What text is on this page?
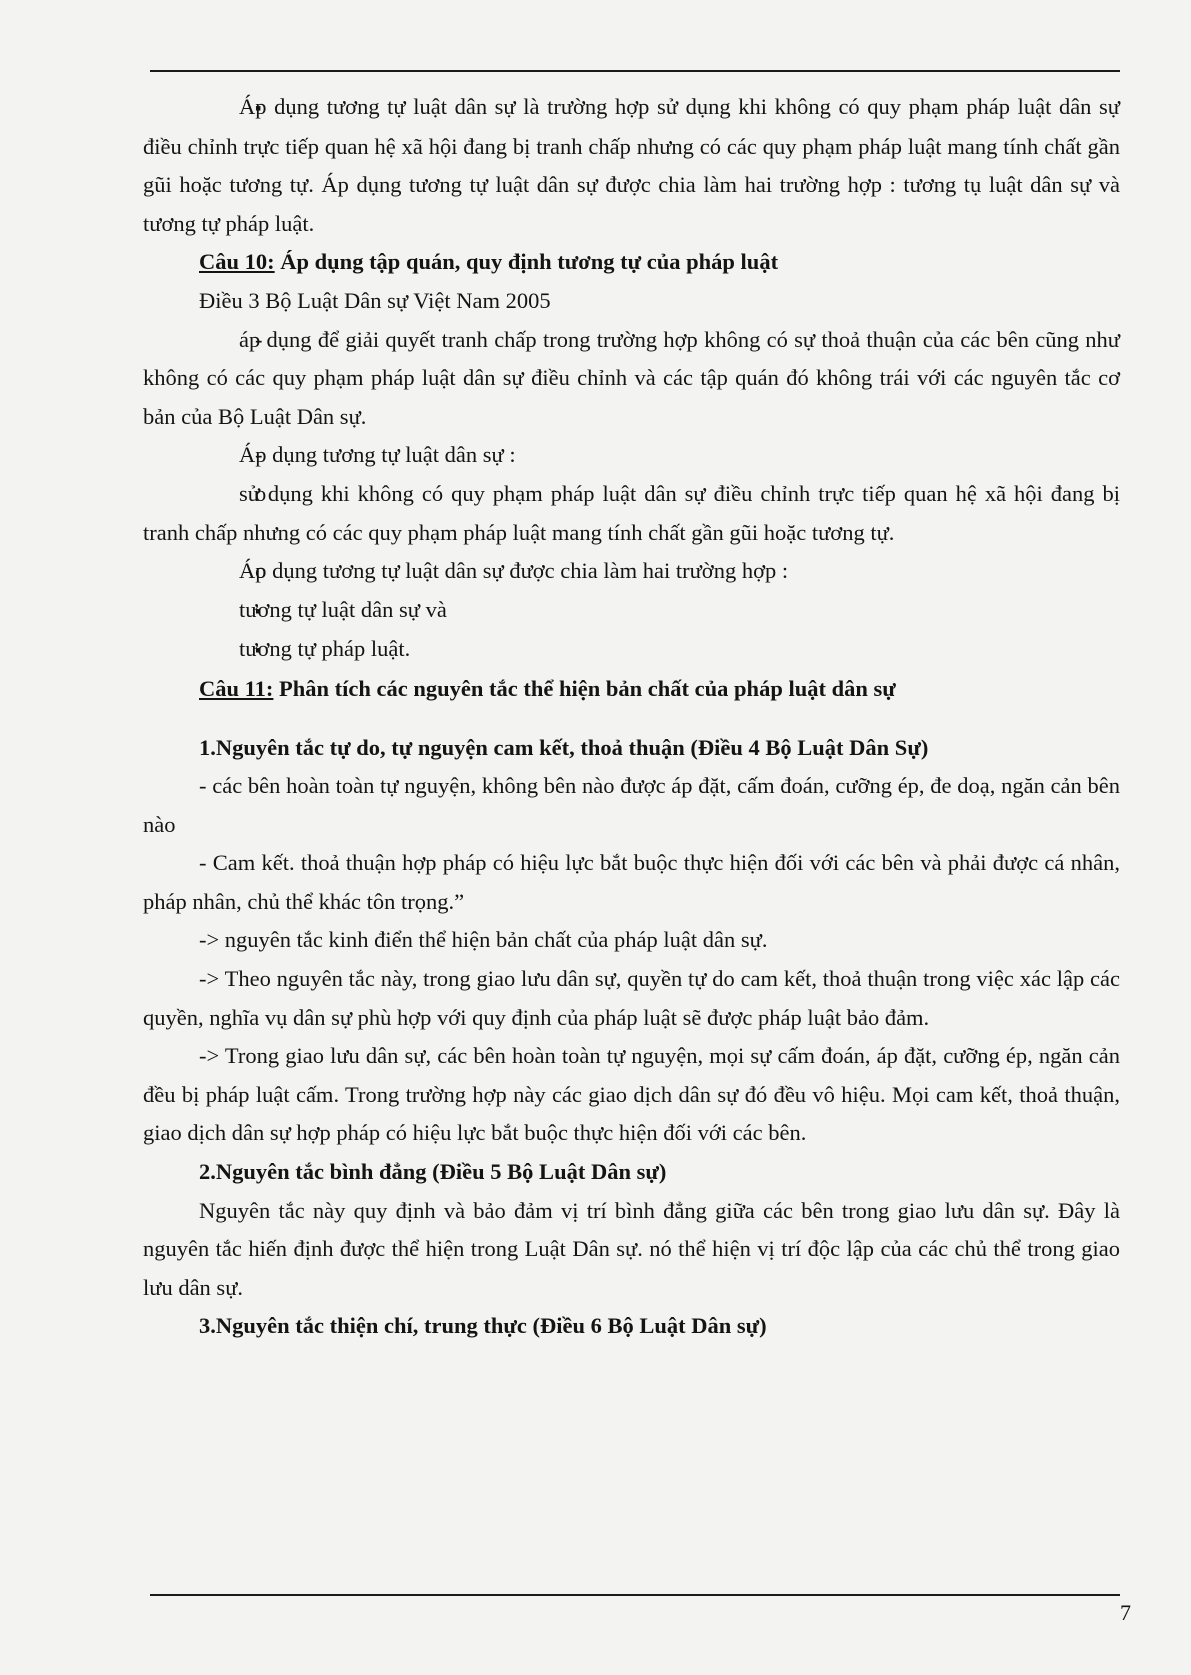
▪ Áp dụng tương tự luật dân sự là trường hợp sử dụng khi không có quy phạm pháp luật dân sự điều chỉnh trực tiếp quan hệ xã hội đang bị tranh chấp nhưng có các quy phạm pháp luật mang tính chất gần gũi hoặc tương tự. Áp dụng tương tự luật dân sự được chia làm hai trường hợp : tương tụ luật dân sự và tương tự pháp luật.

Câu 10: Áp dụng tập quán, quy định tương tự của pháp luật

Điều 3 Bộ Luật Dân sự Việt Nam 2005

- áp dụng để giải quyết tranh chấp trong trường hợp không có sự thoả thuận của các bên cũng như không có các quy phạm pháp luật dân sự điều chỉnh và các tập quán đó không trái với các nguyên tắc cơ bản của Bộ Luật Dân sự.

- Áp dụng tương tự luật dân sự :

o sử dụng khi không có quy phạm pháp luật dân sự điều chỉnh trực tiếp quan hệ xã hội đang bị tranh chấp nhưng có các quy phạm pháp luật mang tính chất gần gũi hoặc tương tự.

o Áp dụng tương tự luật dân sự được chia làm hai trường hợp :

▪ tương tự luật dân sự và

▪ tương tự pháp luật.

Câu 11: Phân tích các nguyên tắc thể hiện bản chất của pháp luật dân sự

1.Nguyên tắc tự do, tự nguyện cam kết, thoả thuận (Điều 4 Bộ Luật Dân Sự)

- các bên hoàn toàn tự nguyện, không bên nào được áp đặt, cấm đoán, cưỡng ép, đe doạ, ngăn cản bên nào

- Cam kết. thoả thuận hợp pháp có hiệu lực bắt buộc thực hiện đối với các bên và phải được cá nhân, pháp nhân, chủ thể khác tôn trọng.”

-> nguyên tắc kinh điển thể hiện bản chất của pháp luật dân sự.

-> Theo nguyên tắc này, trong giao lưu dân sự, quyền tự do cam kết, thoả thuận trong việc xác lập các quyền, nghĩa vụ dân sự phù hợp với quy định của pháp luật sẽ được pháp luật bảo đảm.

-> Trong giao lưu dân sự, các bên hoàn toàn tự nguyện, mọi sự cấm đoán, áp đặt, cưỡng ép, ngăn cản đều bị pháp luật cấm. Trong trường hợp này các giao dịch dân sự đó đều vô hiệu. Mọi cam kết, thoả thuận, giao dịch dân sự hợp pháp có hiệu lực bắt buộc thực hiện đối với các bên.

2.Nguyên tắc bình đẳng (Điều 5 Bộ Luật Dân sự)

Nguyên tắc này quy định và bảo đảm vị trí bình đẳng giữa các bên trong giao lưu dân sự. Đây là nguyên tắc hiến định được thể hiện trong Luật Dân sự. nó thể hiện vị trí độc lập của các chủ thể trong giao lưu dân sự.

3.Nguyên tắc thiện chí, trung thực (Điều 6 Bộ Luật Dân sự)

7
